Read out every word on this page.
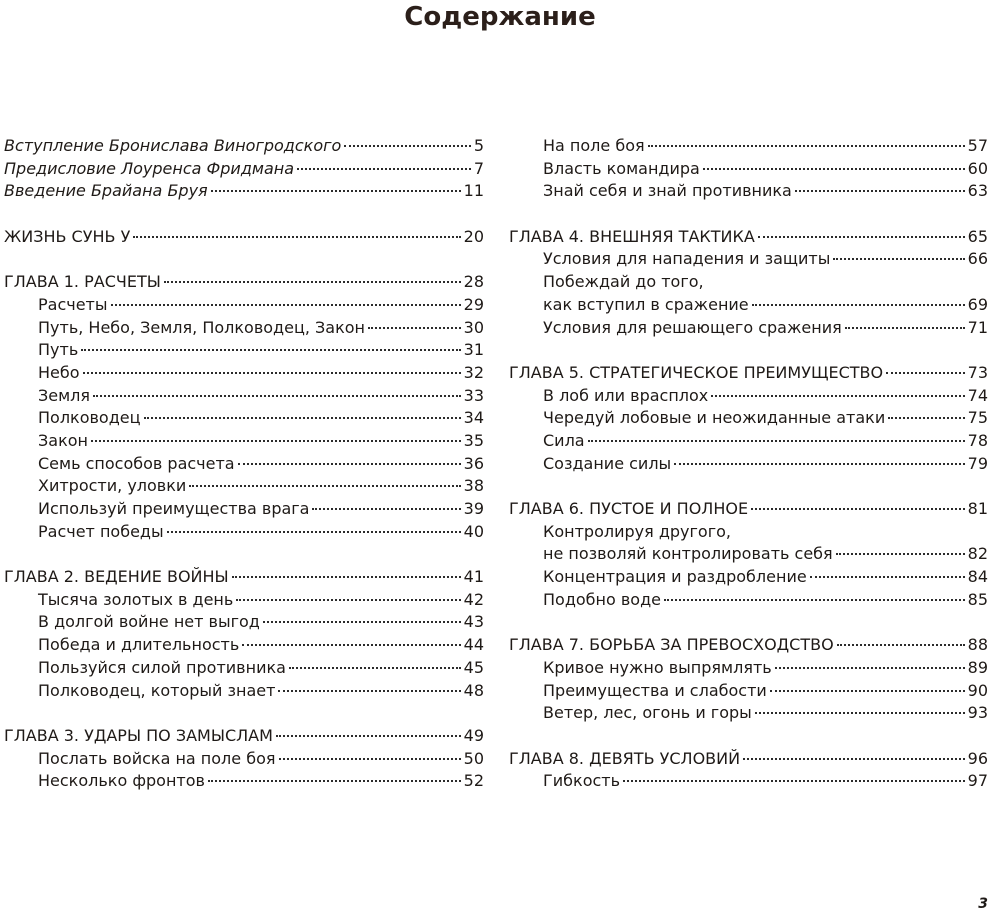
Содержание
Вступление Бронислава Виногродского	5
Предисловие Лоуренса Фридмана	7
Введение Брайана Бруя	11
ЖИЗНЬ СУНЬ У	20
ГЛАВА 1. РАСЧЕТЫ	28
Расчеты	29
Путь, Небо, Земля, Полководец, Закон	30
Путь	31
Небо	32
Земля	33
Полководец	34
Закон	35
Семь способов расчета	36
Хитрости, уловки	38
Используй преимущества врага	39
Расчет победы	40
ГЛАВА 2. ВЕДЕНИЕ ВОЙНЫ	41
Тысяча золотых в день	42
В долгой войне нет выгод	43
Победа и длительность	44
Пользуйся силой противника	45
Полководец, который знает	48
ГЛАВА 3. УДАРЫ ПО ЗАМЫСЛАМ	49
Послать войска на поле боя	50
Несколько фронтов	52
На поле боя	57
Власть командира	60
Знай себя и знай противника	63
ГЛАВА 4. ВНЕШНЯЯ ТАКТИКА	65
Условия для нападения и защиты	66
Побеждай до того,
как вступил в сражение	69
Условия для решающего сражения	71
ГЛАВА 5. СТРАТЕГИЧЕСКОЕ ПРЕИМУЩЕСТВО	73
В лоб или врасплох	74
Чередуй лобовые и неожиданные атаки	75
Сила	78
Создание силы	79
ГЛАВА 6. ПУСТОЕ И ПОЛНОЕ	81
Контролируя другого,
не позволяй контролировать себя	82
Концентрация и раздробление	84
Подобно воде	85
ГЛАВА 7. БОРЬБА ЗА ПРЕВОСХОДСТВО	88
Кривое нужно выпрямлять	89
Преимущества и слабости	90
Ветер, лес, огонь и горы	93
ГЛАВА 8. ДЕВЯТЬ УСЛОВИЙ	96
Гибкость	97
3
